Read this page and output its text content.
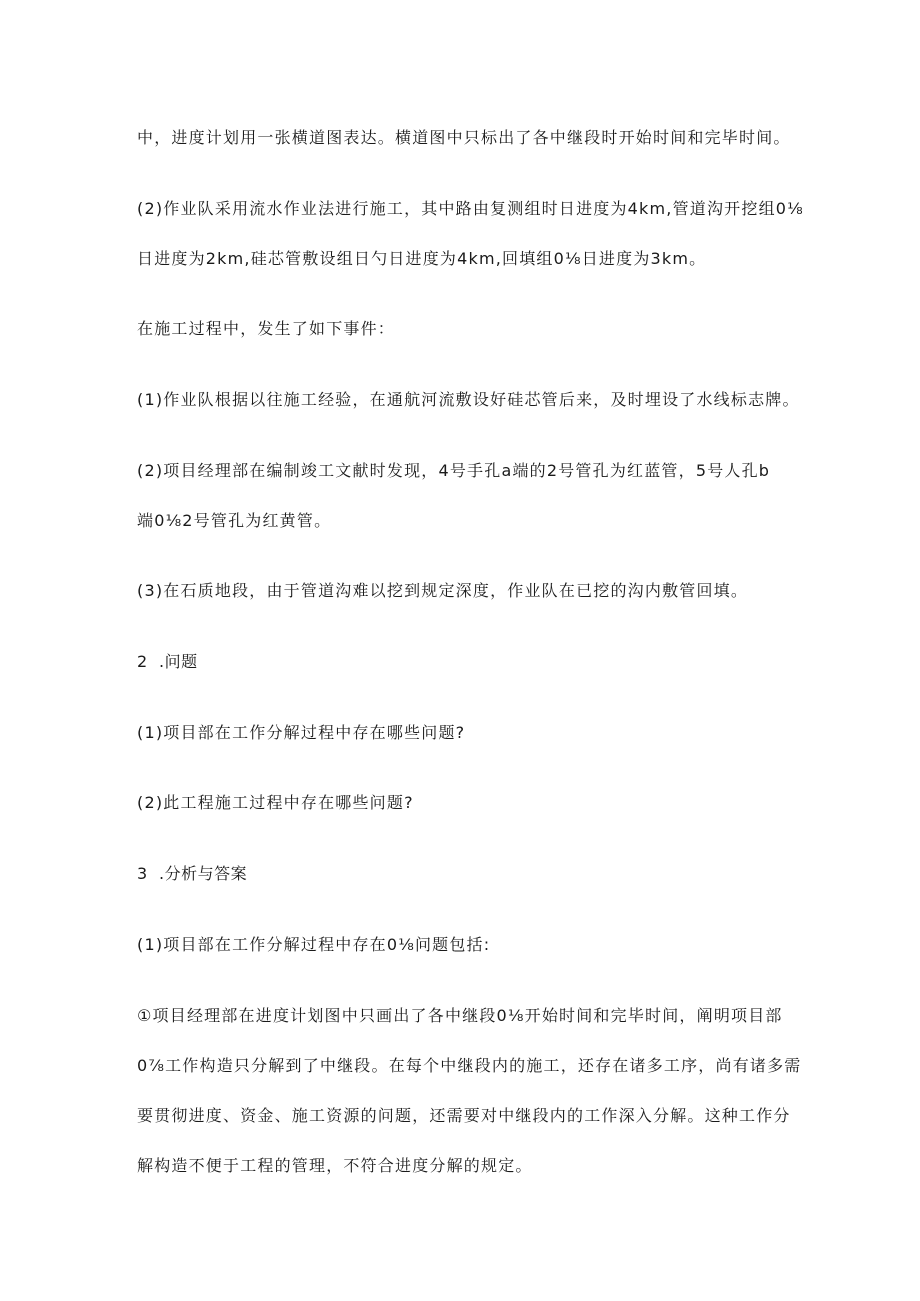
中，进度计划用一张横道图表达。横道图中只标出了各中继段时开始时间和完毕时间。
(2)作业队采用流水作业法进行施工，其中路由复测组时日进度为4km,管道沟开挖组0⅛
日进度为2km,硅芯管敷设组日勺日进度为4km,回填组0⅛日进度为3km。
在施工过程中，发生了如下事件：
(1)作业队根据以往施工经验，在通航河流敷设好硅芯管后来，及时埋设了水线标志牌。
(2)项目经理部在编制竣工文献时发现，4号手孔a端的2号管孔为红蓝管，5号人孔b
端0⅛2号管孔为红黄管。
(3)在石质地段，由于管道沟难以挖到规定深度，作业队在已挖的沟内敷管回填。
2 .问题
(1)项目部在工作分解过程中存在哪些问题?
(2)此工程施工过程中存在哪些问题?
3 .分析与答案
(1)项目部在工作分解过程中存在0⅛问题包括:
①项目经理部在进度计划图中只画出了各中继段0⅛开始时间和完毕时间，阐明项目部
0⅞工作构造只分解到了中继段。在每个中继段内的施工，还存在诸多工序，尚有诸多需
要贯彻进度、资金、施工资源的问题，还需要对中继段内的工作深入分解。这种工作分
解构造不便于工程的管理，不符合进度分解的规定。
